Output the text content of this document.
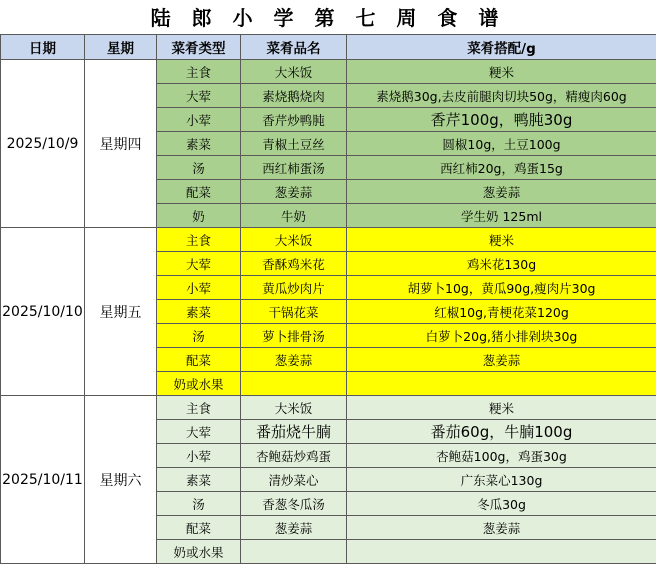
陆 郎 小 学 第 七 周 食 谱
日期	星期	菜肴类型	菜肴品名	菜肴搭配/g
2025/10/9	星期四	主食	大米饭	粳米
		大荤	素烧鹅烧肉	素烧鹅30g,去皮前腿肉切块50g，精瘦肉60g
		小荤	香芹炒鸭肫	香芹100g，鸭肫30g
		素菜	青椒土豆丝	圆椒10g，土豆100g
		汤	西红柿蛋汤	西红柿20g，鸡蛋15g
		配菜	葱姜蒜	葱姜蒜
		奶	牛奶	学生奶 125ml
2025/10/10	星期五	主食	大米饭	粳米
		大荤	香酥鸡米花	鸡米花130g
		小荤	黄瓜炒肉片	胡萝卜10g，黄瓜90g,瘦肉片30g
		素菜	干锅花菜	红椒10g,青梗花菜120g
		汤	萝卜排骨汤	白萝卜20g,猪小排剁块30g
		配菜	葱姜蒜	葱姜蒜
		奶或水果		
2025/10/11	星期六	主食	大米饭	粳米
		大荤	番茄烧牛腩	番茄60g，牛腩100g
		小荤	杏鲍菇炒鸡蛋	杏鲍菇100g，鸡蛋30g
		素菜	清炒菜心	广东菜心130g
		汤	香葱冬瓜汤	冬瓜30g
		配菜	葱姜蒜	葱姜蒜
		奶或水果		
